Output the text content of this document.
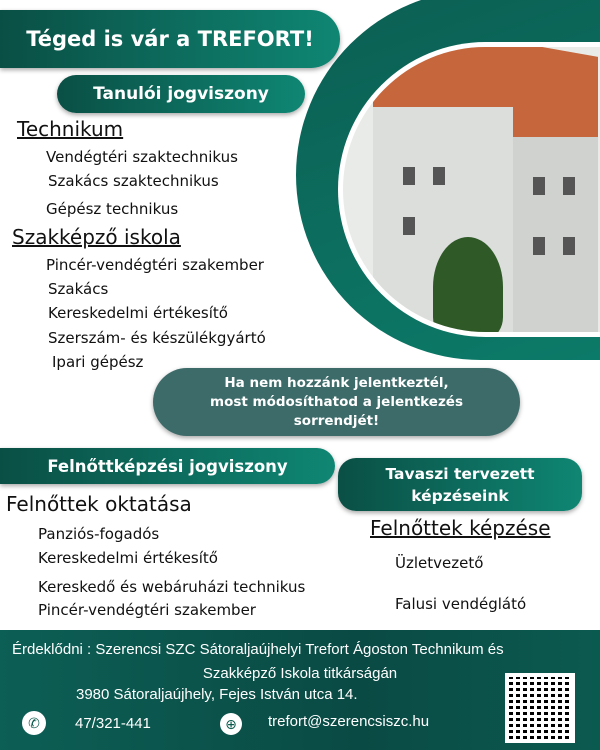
Téged is vár a TREFORT!
Tanulói jogviszony
Technikum
Vendégtéri szaktechnikus
Szakács szaktechnikus
Gépész technikus
Szakképző iskola
Pincér-vendégtéri szakember
Szakács
Kereskedelmi értékesítő
Szerszám- és készülékgyártó
Ipari gépész
Ha nem hozzánk jelentkeztél, most módosíthatod a jelentkezés sorrendjét!
Felnőttképzési jogviszony	Tavaszi tervezett képzéseink
Felnőttek oktatása
Panziós-fogadós
Kereskedelmi értékesítő
Kereskedő és webáruházi technikus
Pincér-vendégtéri szakember
Felnőttek képzése
Üzletvezető
Falusi vendéglátó
Érdeklődni : Szerencsi SZC Sátoraljaújhelyi Trefort Ágoston Technikum és
Szakképző Iskola titkárságán
3980 Sátoraljaújhely, Fejes István utca 14.
✆	47/321-441	⊕	trefort@szerencsiszc.hu
